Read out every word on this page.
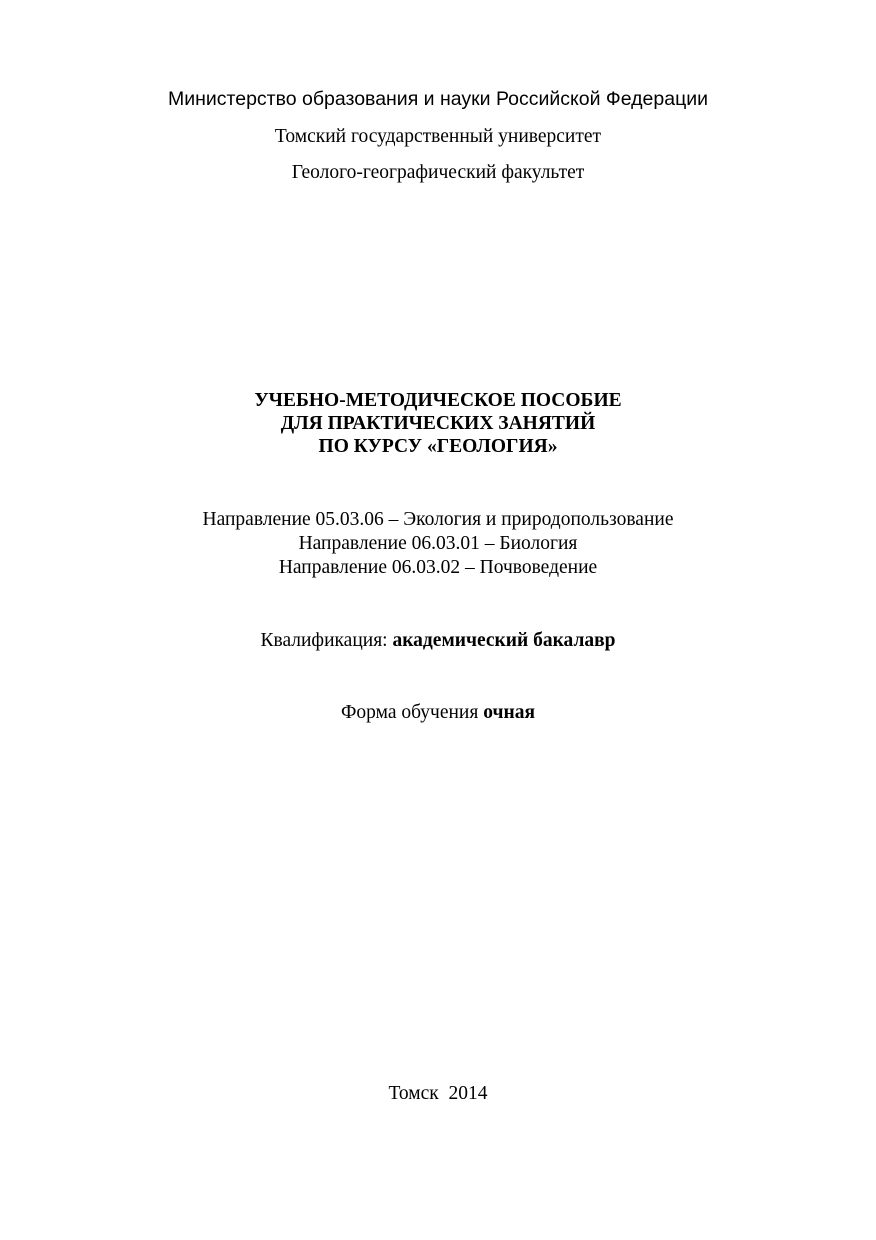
Министерство образования и науки Российской Федерации
Томский государственный университет
Геолого-географический факультет
УЧЕБНО-МЕТОДИЧЕСКОЕ ПОСОБИЕ
ДЛЯ ПРАКТИЧЕСКИХ ЗАНЯТИЙ
ПО КУРСУ «ГЕОЛОГИЯ»
Направление 05.03.06 – Экология и природопользование
Направление 06.03.01 – Биология
Направление 06.03.02 – Почвоведение
Квалификация: академический бакалавр
Форма обучения очная
Томск  2014
